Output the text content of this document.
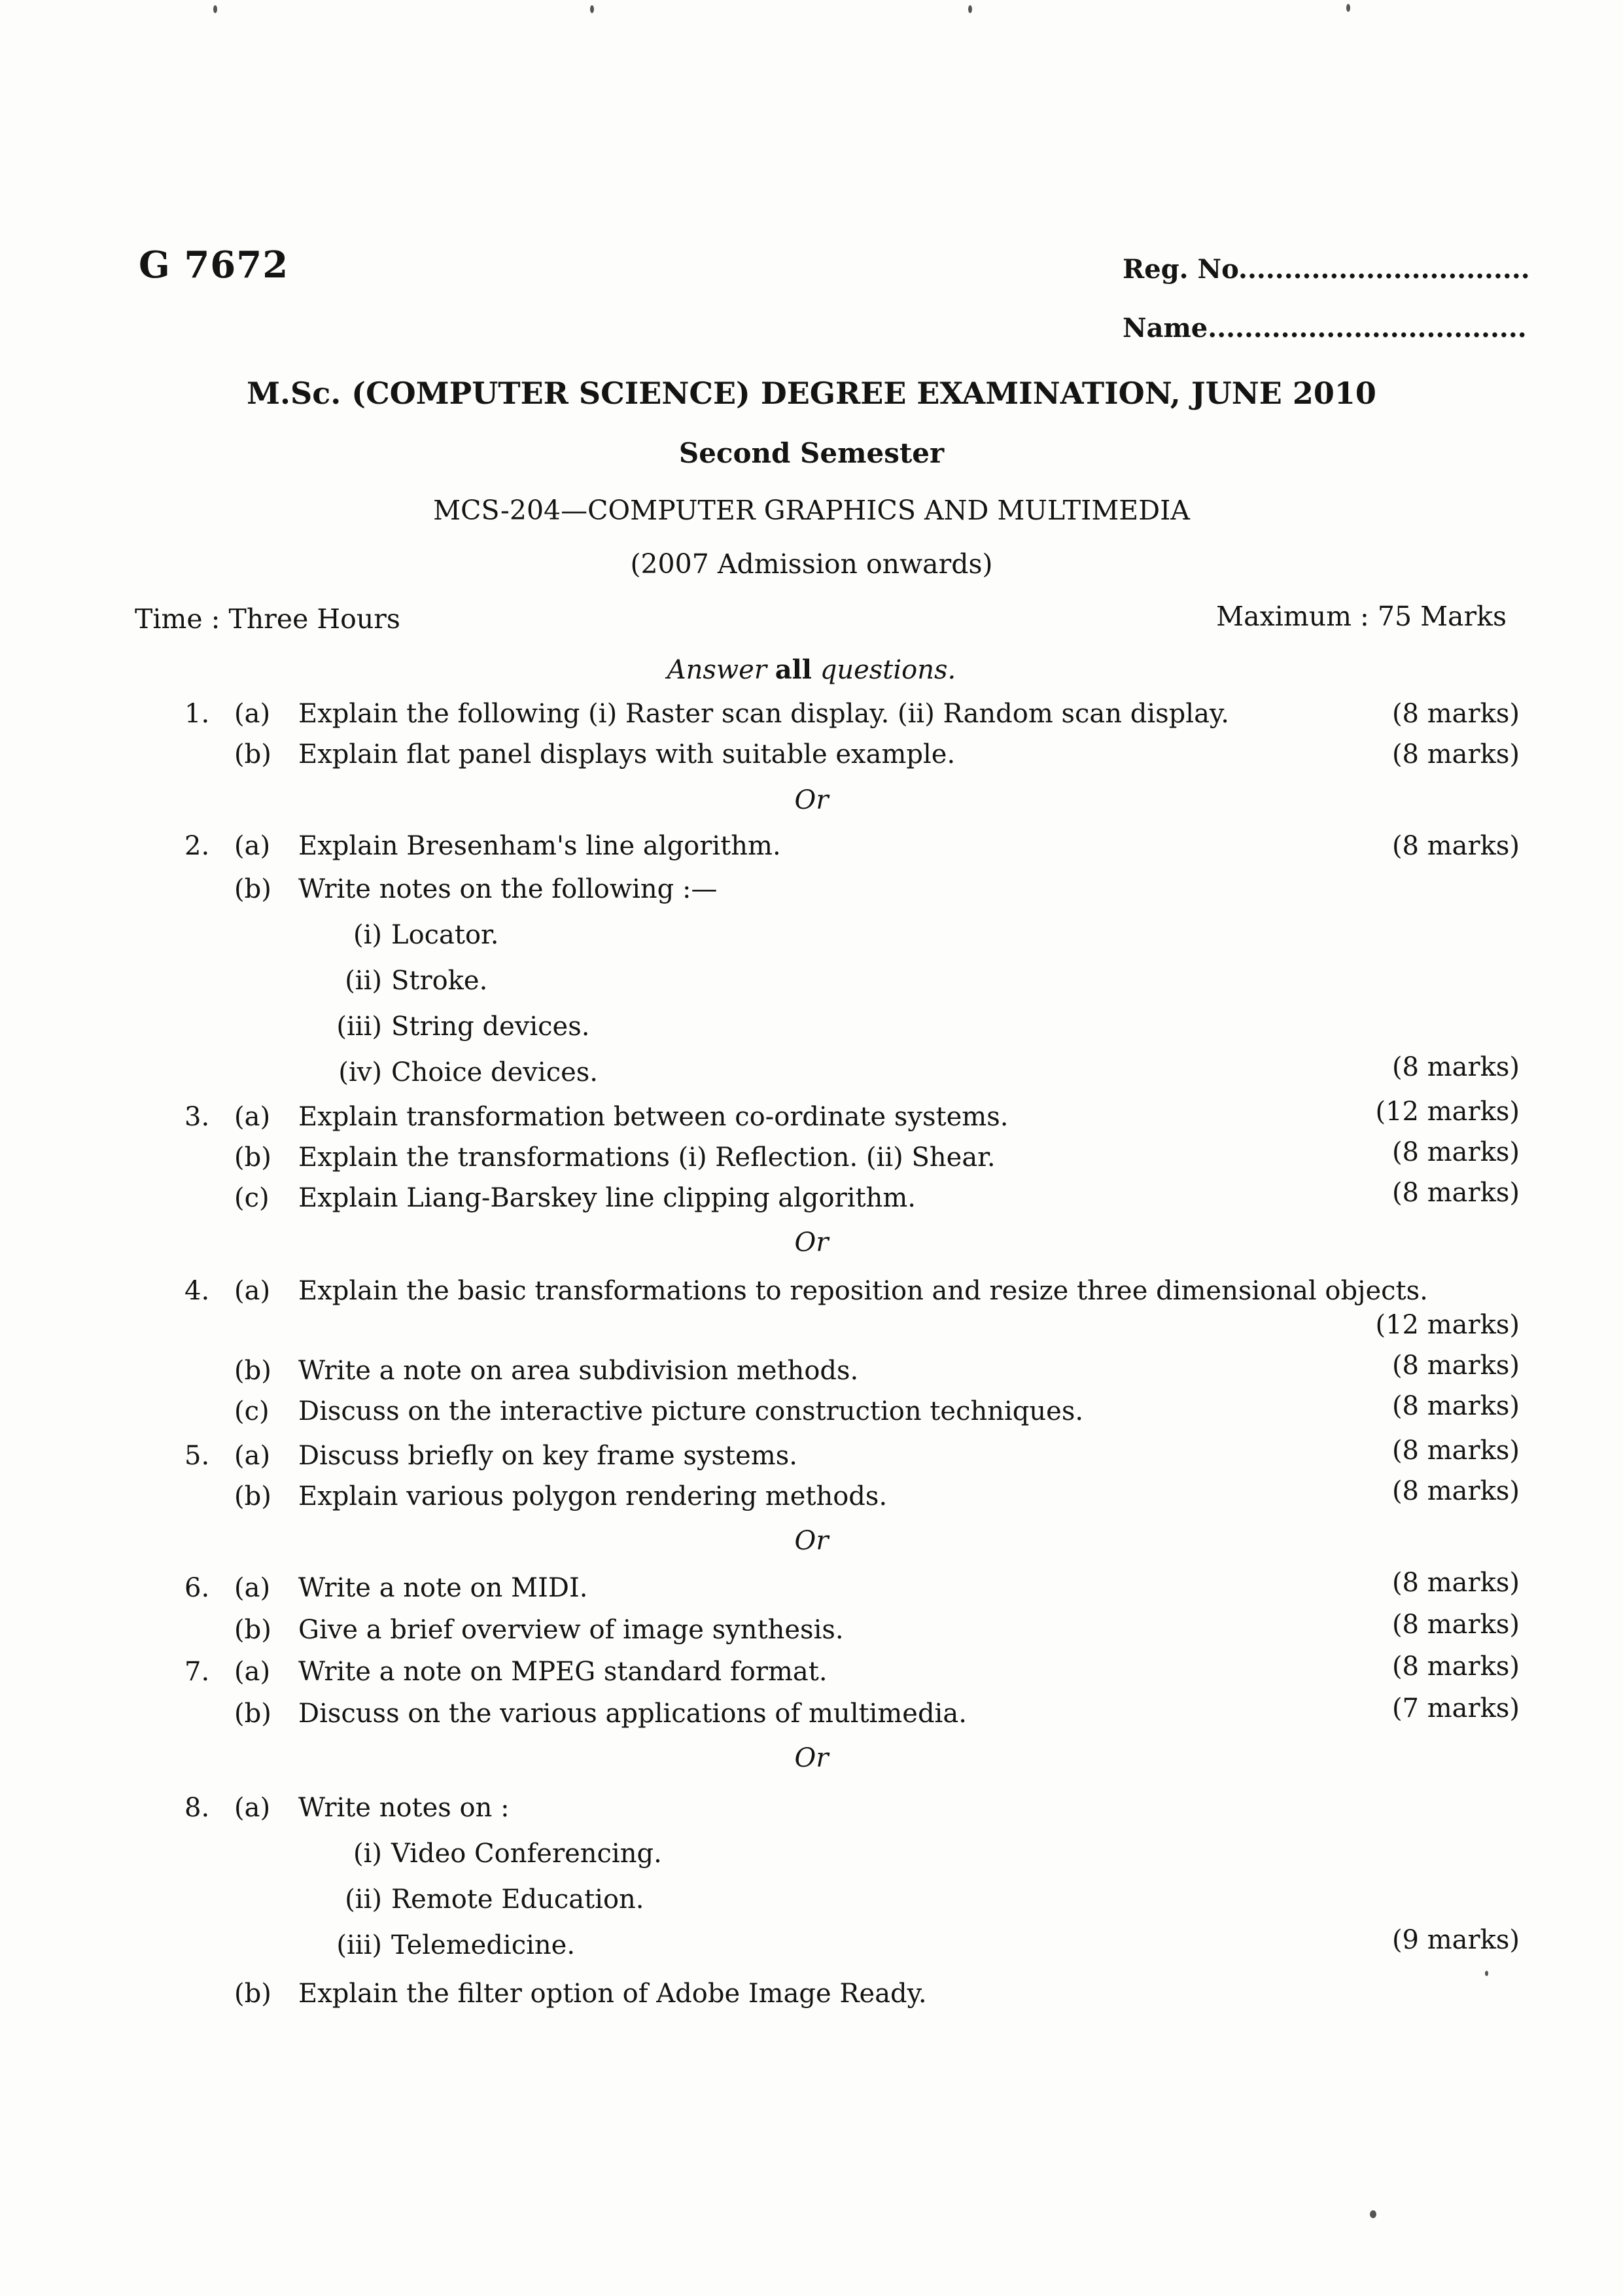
G 7672	Reg. No................................
Name...................................
M.Sc. (COMPUTER SCIENCE) DEGREE EXAMINATION, JUNE 2010
Second Semester
MCS-204—COMPUTER GRAPHICS AND MULTIMEDIA
(2007 Admission onwards)
Time : Three Hours	Maximum : 75 Marks
Answer all questions.
1. (a) Explain the following (i) Raster scan display. (ii) Random scan display.	(8 marks)
(b) Explain flat panel displays with suitable example.	(8 marks)
Or
2. (a) Explain Bresenham's line algorithm.	(8 marks)
(b) Write notes on the following :—
(i) Locator.
(ii) Stroke.
(iii) String devices.
(iv) Choice devices.	(8 marks)
3. (a) Explain transformation between co-ordinate systems.	(12 marks)
(b) Explain the transformations (i) Reflection. (ii) Shear.	(8 marks)
(c) Explain Liang-Barskey line clipping algorithm.	(8 marks)
Or
4. (a) Explain the basic transformations to reposition and resize three dimensional objects.
(12 marks)
(b) Write a note on area subdivision methods.	(8 marks)
(c) Discuss on the interactive picture construction techniques.	(8 marks)
5. (a) Discuss briefly on key frame systems.	(8 marks)
(b) Explain various polygon rendering methods.	(8 marks)
Or
6. (a) Write a note on MIDI.	(8 marks)
(b) Give a brief overview of image synthesis.	(8 marks)
7. (a) Write a note on MPEG standard format.	(8 marks)
(b) Discuss on the various applications of multimedia.	(7 marks)
Or
8. (a) Write notes on :
(i) Video Conferencing.
(ii) Remote Education.
(iii) Telemedicine.	(9 marks)
(b) Explain the filter option of Adobe Image Ready.
